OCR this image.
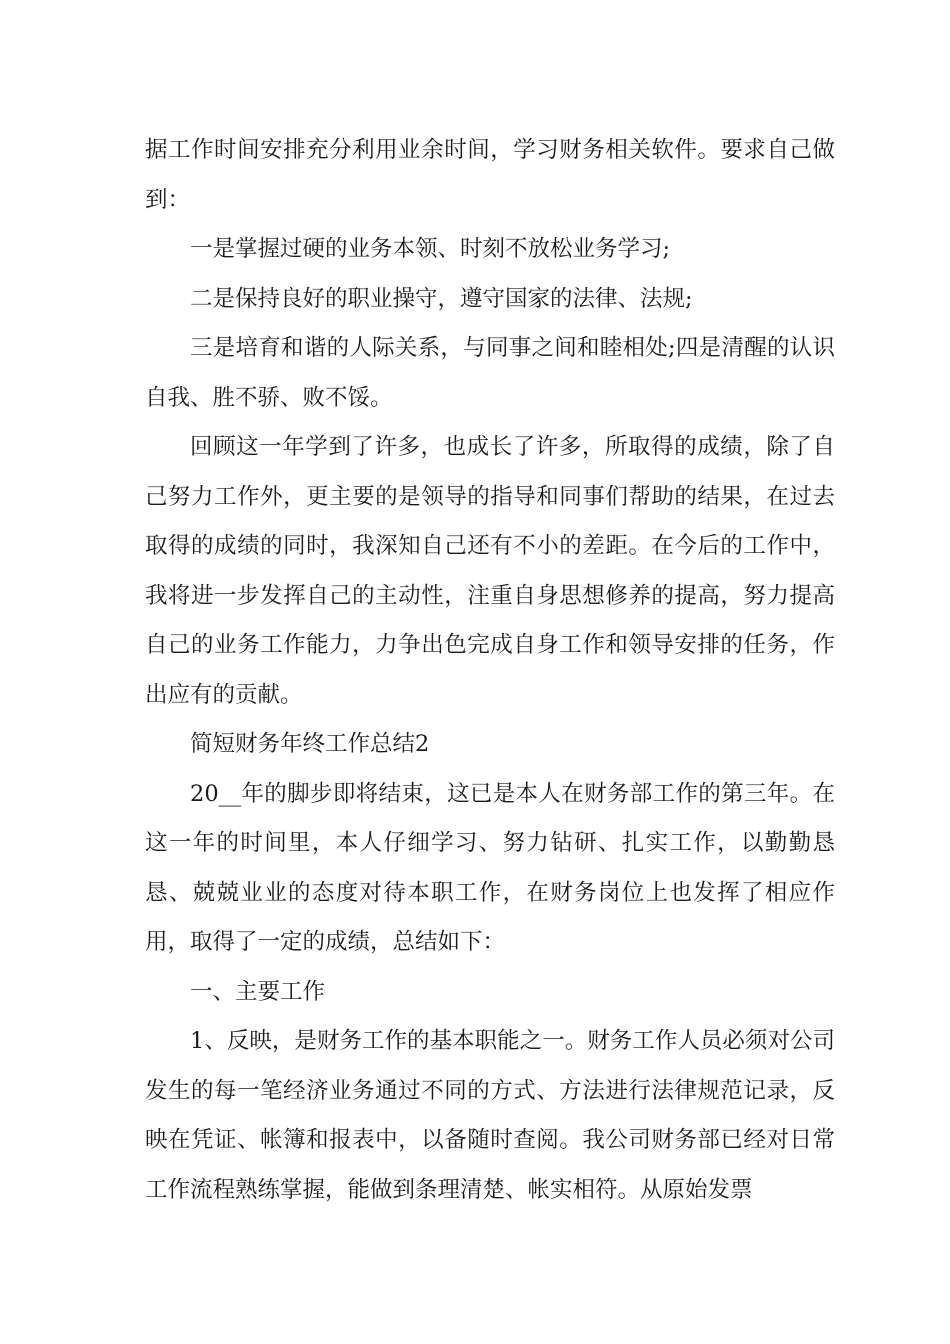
据工作时间安排充分利用业余时间，学习财务相关软件。要求自己做到：

一是掌握过硬的业务本领、时刻不放松业务学习;

二是保持良好的职业操守，遵守国家的法律、法规;

三是培育和谐的人际关系，与同事之间和睦相处;四是清醒的认识自我、胜不骄、败不馁。

回顾这一年学到了许多，也成长了许多，所取得的成绩，除了自己努力工作外，更主要的是领导的指导和同事们帮助的结果，在过去取得的成绩的同时，我深知自己还有不小的差距。在今后的工作中，我将进一步发挥自己的主动性，注重自身思想修养的提高，努力提高自己的业务工作能力，力争出色完成自身工作和领导安排的任务，作出应有的贡献。

简短财务年终工作总结2

20__年的脚步即将结束，这已是本人在财务部工作的第三年。在这一年的时间里，本人仔细学习、努力钻研、扎实工作，以勤勤恳恳、兢兢业业的态度对待本职工作，在财务岗位上也发挥了相应作用，取得了一定的成绩，总结如下：

一、主要工作

1、反映，是财务工作的基本职能之一。财务工作人员必须对公司发生的每一笔经济业务通过不同的方式、方法进行法律规范记录，反映在凭证、帐簿和报表中，以备随时查阅。我公司财务部已经对日常工作流程熟练掌握，能做到条理清楚、帐实相符。从原始发票
